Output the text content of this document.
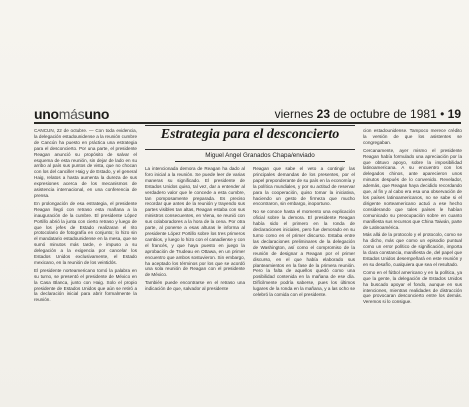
unomásuno	viernes 23 de octubre de 1981 • 19

CANCUN, 22 de octubre. — Con toda evidencia, la delegación estadounidense a la reunión cumbre de Cancún ha puesto en práctica una estrategia para el desconcierto. Por una parte, el presidente Reagan anunció su propósito de salvar el esquema de esta reunión, sin dejar de lado en su arribo al país sus puntos de vista, que no chocan con los del canciller Haig y de Estado, y el general Haig, relatos a hasta aumenta la dureza de sus expresiones acerca de los mecanismos de asistencia internacional, en una conferencia de prensa.

En prolongación de esa estrategia, el presidente Reagan llegó con retraso esta mañana a la inauguración de la cumbre. El presidente López Portillo abrió la junta con cierto retraso y luego de que los jefes de Estado realizaran el rito protocolario de fotografía en conjunto; lo hizo sin el mandatario estadounidense en la mesa, que se sumó minutos más tarde, e impuso a su delegación a la exigencia por cancelar los Estados Unidos exclusivamente, el Estado mexicano, en la reunión de los veintidós.

El presidente norteamericano tomó la palabra en su turno, se presentó el presidente de México en la Casa Blanca, junto con Haig. Solo el propio presidente de Estados Unidos que aún se retiró a la declaración inicial para abrir formalmente la reunión.

Estrategia para el desconcierto
Miguel Angel Granados Chapa/enviado

La intencionada demora de Reagan ha dado al foro inicial a la reunión. Se puede leer de varias maneras su significado. El presidente de Estados Unidos quiso, tal vez, dar a entender al verdadero valor que le concede a esta cumbre, tan pomposamente preparada. Es preciso recordar que antes de la reunión y trayendo sus partes visibles tan altas, Reagan estaba con sus ministros consecuentes, en Viena, se reunió con sus colaboradores a la hora de la cena. Por otra parte, al ponerse a esas alturas le informa al presidente López Portillo sobre los tres primeros cambios, y luego lo hizo con el canadiense y con el francés, y que haya puesto en juego la aprobación de Trudeau en Ottawa, en un primer encuentro que ambos sostuvieron. Sin embargo, ha aceptado los términos por los que se acordó una sola reunión de Reagan con el presidente de México.

También puede encontrarse en el retraso una indicación de que, salvador al presidente

Reagan que sabe el veto a contingir las principales demandas de los presentes, por el papel preponderante de su país en la economía y la política mundiales, y por su actitud de reservar para la cooperación, quiso tomar la iniciativa, haciendo un gesto de firmeza que mucho encontraron, sin embargo, inoportuno.

No se conoce hasta el momento una explicación oficial sobre la demora. El presidente Reagan había sido el primero en la ronda de declaraciones iniciales, pero fue demorado en su turno como en el primer discurso. Estaba entre las declaraciones preliminares de la delegación de Washington, así como el compromiso de la reunión de designar a Reagan por el primer discurso, en el que había elaborado sus planteamientos en la fase de la primera reunión. Pero la falta de aquellos quedó como una posibilidad contenida en la mañana de ese día. Difícilmente podría saberse, pues los últimos lugares de la ronda en la mañana, y a las ocho se celebró la comida con el presidente.

cion estadounidense. Tampoco merece crédito la versión de que los asistentes se congregaban.

Cercanamente, ayer mismo el presidente Reagan había formulado una apreciación por la que obtuvo apoyo, sobre la imposibilidad latinoamericana. A su encuentro con los delegados chinos, ante aparecieron unos minutos después de lo convenido. Revelador, además, que Reagan haya decidido recordando que, al fin y al cabo era esa una observación de los países latinoamericanos, no se sabe si el dirigente norteamericano actuó a ese hecho considerando que tales países le habían comunicado su preocupación sobre en cuanto manifiesta sus recursos que China Taiwán, parte de Latinoamérica.

Más allá de la protocolo y el protocolo, como se ha dicho, más que como un episodio puntual como un error político de significación, importa la clara constancia, manifiesta de, del papel que Estados Unidos desempeñará en este reunión y en su desafío, cualquiera que sea el resultado.

Como en el fútbol americano y en la política, ya que la gente, la delegación de Estados Unidos ha buscado apoyar el fondo, aunque en sus intenciones, mientras realidades de distracción que provocaran desconcierto entre los demás. Veremos si lo consigue.
